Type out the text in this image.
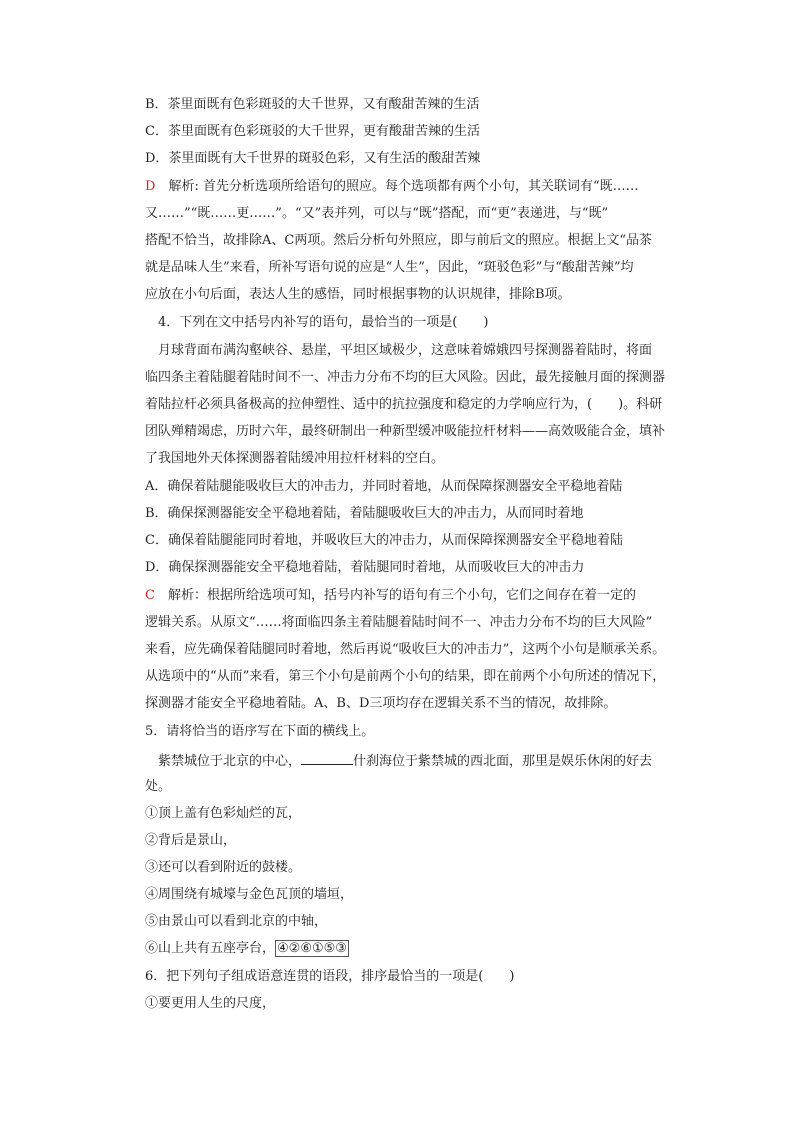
B．茶里面既有色彩斑驳的大千世界，又有酸甜苦辣的生活
C．茶里面既有色彩斑驳的大千世界，更有酸甜苦辣的生活
D．茶里面既有大千世界的斑驳色彩，又有生活的酸甜苦辣
D　 解析: 首先分析选项所给语句的照应。每个选项都有两个小句，其关联词有“既……
又……”“既……更……”。“又”表并列，可以与“既”搭配，而“更”表递进，与“既”
搭配不恰当，故排除A、C两项。然后分析句外照应，即与前后文的照应。根据上文“品茶
就是品味人生”来看，所补写语句说的应是“人生”，因此，“斑驳色彩”与“酸甜苦辣”均
应放在小句后面，表达人生的感悟，同时根据事物的认识规律，排除B项。
4．下列在文中括号内补写的语句，最恰当的一项是(　　)
月球背面布满沟壑峡谷、悬崖，平坦区域极少，这意味着嫦娥四号探测器着陆时，将面
临四条主着陆腿着陆时间不一、冲击力分布不均的巨大风险。因此，最先接触月面的探测器
着陆拉杆必须具备极高的拉伸塑性、适中的抗拉强度和稳定的力学响应行为，(　　)。科研
团队殚精竭虑，历时六年，最终研制出一种新型缓冲吸能拉杆材料——高效吸能合金，填补
了我国地外天体探测器着陆缓冲用拉杆材料的空白。
A．确保着陆腿能吸收巨大的冲击力，并同时着地，从而保障探测器安全平稳地着陆
B．确保探测器能安全平稳地着陆，着陆腿吸收巨大的冲击力，从而同时着地
C．确保着陆腿能同时着地，并吸收巨大的冲击力，从而保障探测器安全平稳地着陆
D．确保探测器能安全平稳地着陆，着陆腿同时着地，从而吸收巨大的冲击力
C　 解析：根据所给选项可知，括号内补写的语句有三个小句，它们之间存在着一定的
逻辑关系。从原文“……将面临四条主着陆腿着陆时间不一、冲击力分布不均的巨大风险”
来看，应先确保着陆腿同时着地，然后再说“吸收巨大的冲击力”，这两个小句是顺承关系。
从选项中的“从而”来看，第三个小句是前两个小句的结果，即在前两个小句所述的情况下，
探测器才能安全平稳地着陆。A、B、D三项均存在逻辑关系不当的情况，故排除。
5．请将恰当的语序写在下面的横线上。
紫禁城位于北京的中心，	什刹海位于紫禁城的西北面，那里是娱乐休闲的好去
处。
①顶上盖有色彩灿烂的瓦，
②背后是景山，
③还可以看到附近的鼓楼。
④周围绕有城壕与金色瓦顶的墙垣，
⑤由景山可以看到北京的中轴，
⑥山上共有五座亭台， ④②⑥①⑤③
6．把下列句子组成语意连贯的语段，排序最恰当的一项是(　　)
①要更用人生的尺度，
